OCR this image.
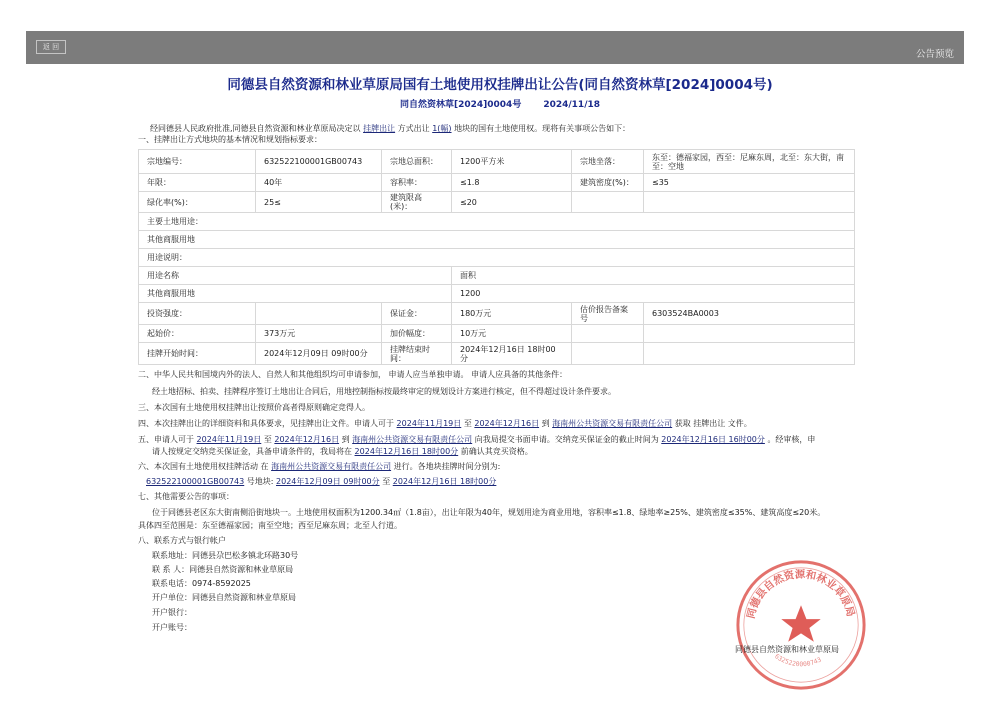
返 回
公告预览
同德县自然资源和林业草原局国有土地使用权挂牌出让公告(同自然资林草[2024]0004号)
同自然资林草[2024]0004号 2024/11/18
经同德县人民政府批准,同德县自然资源和林业草原局决定以 挂牌出让 方式出让 1(幅) 地块的国有土地使用权。现将有关事项公告如下：
一、挂牌出让方式地块的基本情况和规划指标要求：
宗地编号：	632522100001GB00743	宗地总面积：	1200平方米	宗地坐落：	东至：德福家园，西至：尼麻东周，北至：东大街，南至：空地
年限：	40年	容积率：	≤1.8	建筑密度(%)：	≤35
绿化率(%)：	25≤	建筑限高(米)：	≤20		
主要土地用途：					
其他商服用地					
用途说明：					
用途名称			面积		
其他商服用地			1200		
投资强度：		保证金：	180万元	估价报告备案号	6303524BA0003
起始价：	373万元	加价幅度：	10万元		
挂牌开始时间：	2024年12月09日 09时00分	挂牌结束时间：	2024年12月16日 18时00分		
二、中华人民共和国境内外的法人、自然人和其他组织均可申请参加， 申请人应当单独申请。 申请人应具备的其他条件：
经土地招标、拍卖、挂牌程序签订土地出让合同后，用地控制指标按最终审定的规划设计方案进行核定，但不得超过设计条件要求。
三、本次国有土地使用权挂牌出让按照价高者得原则确定竞得人。
四、本次挂牌出让的详细资料和具体要求，见挂牌出让文件。申请人可于 2024年11月19日 至 2024年12月16日 到 海南州公共资源交易有限责任公司 获取 挂牌出让 文件。
五、申请人可于 2024年11月19日 至 2024年12月16日 到 海南州公共资源交易有限责任公司 向我局提交书面申请。交纳竞买保证金的截止时间为 2024年12月16日 16时00分 。经审核，申
请人按规定交纳竞买保证金，具备申请条件的，我局将在 2024年12月16日 18时00分 前确认其竞买资格。
六、本次国有土地使用权挂牌活动 在 海南州公共资源交易有限责任公司 进行。各地块挂牌时间分别为:
632522100001GB00743 号地块: 2024年12月09日 09时00分 至 2024年12月16日 18时00分
七、其他需要公告的事项：
位于同德县老区东大街南侧沿街地块一。土地使用权面积为1200.34㎡（1.8亩），出让年限为40年，规划用途为商业用地，容积率≤1.8、绿地率≥25%、建筑密度≤35%、建筑高度≤20米。
具体四至范围是：东至德福家园；南至空地；西至尼麻东周；北至人行道。
八、联系方式与银行帐户
联系地址：同德县尕巴松多镇北环路30号
联 系 人：同德县自然资源和林业草原局
联系电话：0974-8592025
开户单位：同德县自然资源和林业草原局
开户银行：
开户账号：
同德县自然资源和林业草原局
6325220000743
同德县自然资源和林业草原局
